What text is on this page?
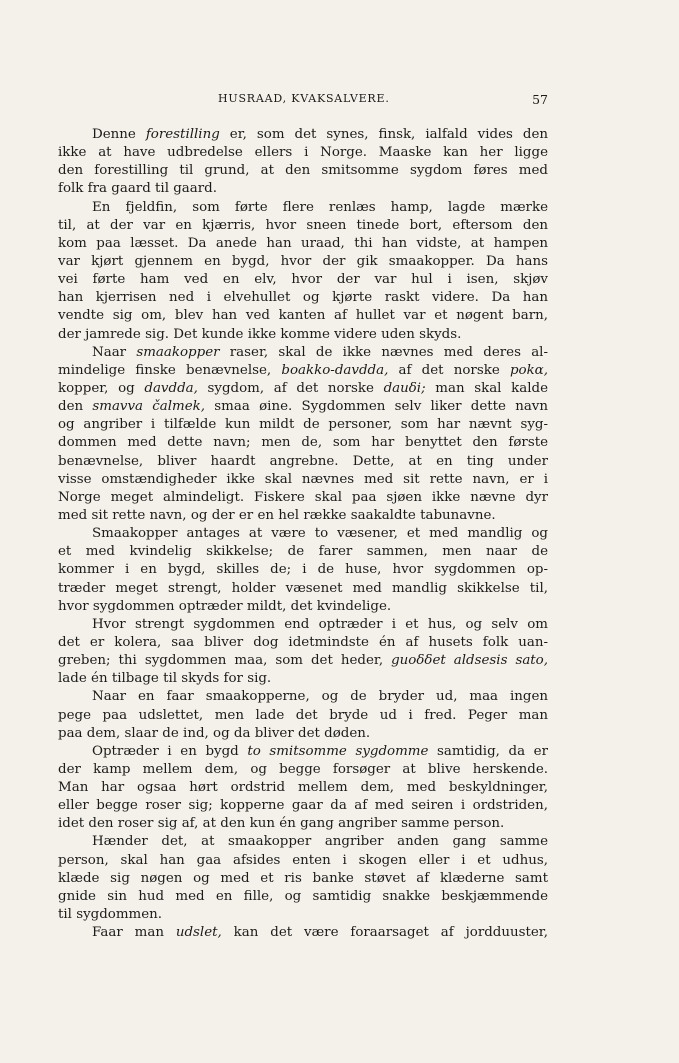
HUSRAAD, KVAKSALVERE.	57
Denne forestilling er, som det synes, finsk, ialfald vides den
ikke at have udbredelse ellers i Norge. Maaske kan her ligge
den forestilling til grund, at den smitsomme sygdom føres med
folk fra gaard til gaard.
En fjeldfin, som førte flere renlæs hamp, lagde mærke
til, at der var en kjærris, hvor sneen tinede bort, eftersom den
kom paa læsset. Da anede han uraad, thi han vidste, at hampen
var kjørt gjennem en bygd, hvor der gik smaakopper. Da hans
vei førte ham ved en elv, hvor der var hul i isen, skjøv
han kjerrisen ned i elvehullet og kjørte raskt videre. Da han
vendte sig om, blev han ved kanten af hullet var et nøgent barn,
der jamrede sig. Det kunde ikke komme videre uden skyds.
Naar smaakopper raser, skal de ikke nævnes med deres al-
mindelige finske benævnelse, boakko-davdda, af det norske pokα,
kopper, og davdda, sygdom, af det norske dauδi; man skal kalde
den smavva čalmek, smaa øine. Sygdommen selv liker dette navn
og angriber i tilfælde kun mildt de personer, som har nævnt syg-
dommen med dette navn; men de, som har benyttet den første
benævnelse, bliver haardt angrebne. Dette, at en ting under
visse omstændigheder ikke skal nævnes med sit rette navn, er i
Norge meget almindeligt. Fiskere skal paa sjøen ikke nævne dyr
med sit rette navn, og der er en hel række saakaldte tabunavne.
Smaakopper antages at være to væsener, et med mandlig og
et med kvindelig skikkelse; de farer sammen, men naar de
kommer i en bygd, skilles de; i de huse, hvor sygdommen op-
træder meget strengt, holder væsenet med mandlig skikkelse til,
hvor sygdommen optræder mildt, det kvindelige.
Hvor strengt sygdommen end optræder i et hus, og selv om
det er kolera, saa bliver dog idetmindste én af husets folk uan-
greben; thi sygdommen maa, som det heder, guoδδet aldsesis sato,
lade én tilbage til skyds for sig.
Naar en faar smaakopperne, og de bryder ud, maa ingen
pege paa udslettet, men lade det bryde ud i fred. Peger man
paa dem, slaar de ind, og da bliver det døden.
Optræder i en bygd to smitsomme sygdomme samtidig, da er
der kamp mellem dem, og begge forsøger at blive herskende.
Man har ogsaa hørt ordstrid mellem dem, med beskyldninger,
eller begge roser sig; kopperne gaar da af med seiren i ordstriden,
idet den roser sig af, at den kun én gang angriber samme person.
Hænder det, at smaakopper angriber anden gang samme
person, skal han gaa afsides enten i skogen eller i et udhus,
klæde sig nøgen og med et ris banke støvet af klæderne samt
gnide sin hud med en fille, og samtidig snakke beskjæmmende
til sygdommen.
Faar man udslet, kan det være foraarsaget af jordduuster,
